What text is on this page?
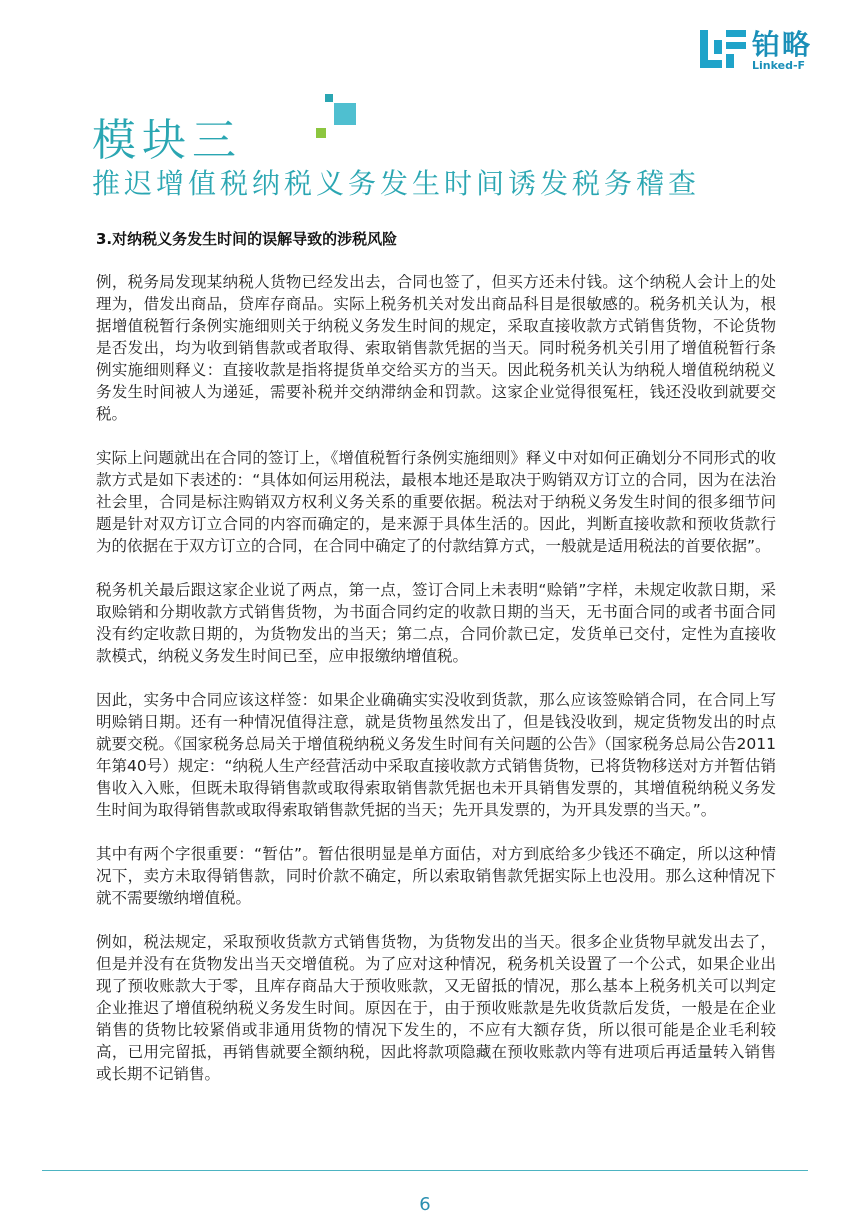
铂略
Linked-F
模块三
推迟增值税纳税义务发生时间诱发税务稽查

3.对纳税义务发生时间的误解导致的涉税风险

例，税务局发现某纳税人货物已经发出去，合同也签了，但买方还未付钱。这个纳税人会计上的处理为，借发出商品，贷库存商品。实际上税务机关对发出商品科目是很敏感的。税务机关认为，根据增值税暂行条例实施细则关于纳税义务发生时间的规定，采取直接收款方式销售货物，不论货物是否发出，均为收到销售款或者取得、索取销售款凭据的当天。同时税务机关引用了增值税暂行条例实施细则释义：直接收款是指将提货单交给买方的当天。因此税务机关认为纳税人增值税纳税义务发生时间被人为递延，需要补税并交纳滞纳金和罚款。这家企业觉得很冤枉，钱还没收到就要交税。

实际上问题就出在合同的签订上，《增值税暂行条例实施细则》释义中对如何正确划分不同形式的收款方式是如下表述的：“具体如何运用税法，最根本地还是取决于购销双方订立的合同，因为在法治社会里，合同是标注购销双方权利义务关系的重要依据。税法对于纳税义务发生时间的很多细节问题是针对双方订立合同的内容而确定的，是来源于具体生活的。因此，判断直接收款和预收货款行为的依据在于双方订立的合同，在合同中确定了的付款结算方式，一般就是适用税法的首要依据”。

税务机关最后跟这家企业说了两点，第一点，签订合同上未表明“赊销”字样，未规定收款日期，采取赊销和分期收款方式销售货物，为书面合同约定的收款日期的当天，无书面合同的或者书面合同没有约定收款日期的，为货物发出的当天；第二点，合同价款已定，发货单已交付，定性为直接收款模式，纳税义务发生时间已至，应申报缴纳增值税。

因此，实务中合同应该这样签：如果企业确确实实没收到货款，那么应该签赊销合同，在合同上写明赊销日期。还有一种情况值得注意，就是货物虽然发出了，但是钱没收到，规定货物发出的时点就要交税。《国家税务总局关于增值税纳税义务发生时间有关问题的公告》（国家税务总局公告2011年第40号）规定：“纳税人生产经营活动中采取直接收款方式销售货物，已将货物移送对方并暂估销售收入入账，但既未取得销售款或取得索取销售款凭据也未开具销售发票的，其增值税纳税义务发生时间为取得销售款或取得索取销售款凭据的当天；先开具发票的，为开具发票的当天。”。

其中有两个字很重要：“暂估”。暂估很明显是单方面估，对方到底给多少钱还不确定，所以这种情况下，卖方未取得销售款，同时价款不确定，所以索取销售款凭据实际上也没用。那么这种情况下就不需要缴纳增值税。

例如，税法规定，采取预收货款方式销售货物，为货物发出的当天。很多企业货物早就发出去了，但是并没有在货物发出当天交增值税。为了应对这种情况，税务机关设置了一个公式，如果企业出现了预收账款大于零，且库存商品大于预收账款，又无留抵的情况，那么基本上税务机关可以判定企业推迟了增值税纳税义务发生时间。原因在于，由于预收账款是先收货款后发货，一般是在企业销售的货物比较紧俏或非通用货物的情况下发生的，不应有大额存货，所以很可能是企业毛利较高，已用完留抵，再销售就要全额纳税，因此将款项隐藏在预收账款内等有进项后再适量转入销售或长期不记销售。

6
